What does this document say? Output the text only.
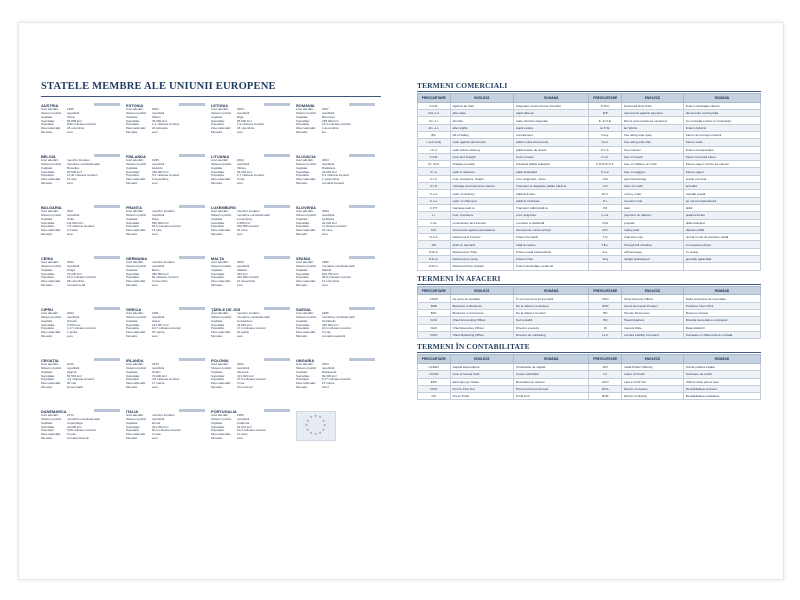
STATELE MEMBRE ALE UNIUNII EUROPENE
AUSTRIA
Anul aderării:	1995
Sistemul politic:	republică
Capitala:	Viena
Suprafața:	83.858 km²
Populația:	8,82 milioane locuitori
Ziua națională:	26 octombrie
Moneda:	euro
ESTONIA
Anul aderării:	2004
Sistemul politic:	republică
Capitala:	Tallinn
Suprafața:	45.000 km²
Populația:	1,3 milioane locuitori
Ziua națională:	24 februarie
Moneda:	euro
LETONIA
Anul aderării:	2004
Sistemul politic:	republică
Capitala:	Riga
Suprafața:	65.000 km²
Populația:	1,9 milioane locuitori
Ziua națională:	18 noiembrie
Moneda:	euro
ROMÂNIA
Anul aderării:	2007
Sistemul politic:	republică
Capitala:	București
Suprafața:	238.392 km²
Populația:	19,3 milioane locuitori
Ziua națională:	1 decembrie
Moneda:	leu
BELGIA
Anul aderării:	membru fondator
Sistemul politic:	monarhie constituțională
Capitala:	Bruxelles
Suprafața:	30.528 km²
Populația:	11,46 milioane locuitori
Ziua națională:	21 iulie
Moneda:	euro
FINLANDA
Anul aderării:	1995
Sistemul politic:	republică
Capitala:	Helsinki
Suprafața:	338.000 km²
Populația:	5,5 milioane locuitori
Ziua națională:	6 decembrie
Moneda:	euro
LITUANIA
Anul aderării:	2004
Sistemul politic:	republică
Capitala:	Vilnius
Suprafața:	65.000 km²
Populația:	2,7 milioane locuitori
Ziua națională:	6 iulie
Moneda:	euro
SLOVACIA
Anul aderării:	2004
Sistemul politic:	republică
Capitala:	Bratislava
Suprafața:	49.035 km²
Populația:	5,4 milioane locuitori
Ziua națională:	1 septembrie
Moneda:	coroană slovacă
BULGARIA
Anul aderării:	2007
Sistemul politic:	republică
Capitala:	Sofia
Suprafața:	111.000 km²
Populația:	7,5 milioane locuitori
Ziua națională:	3 martie
Moneda:	leva
FRANȚA
Anul aderării:	membru fondator
Sistemul politic:	republică
Capitala:	Paris
Suprafața:	550.000 km²
Populația:	66,9 milioane locuitori
Ziua națională:	14 iulie
Moneda:	euro
LUXEMBURG
Anul aderării:	membru fondator
Sistemul politic:	monarhie constituțională
Capitala:	Luxemburg
Suprafața:	2.586 km²
Populația:	602.005 locuitori
Ziua națională:	23 iunie
Moneda:	euro
SLOVENIA
Anul aderării:	2004
Sistemul politic:	republică
Capitala:	Ljubljana
Suprafața:	20.226 km²
Populația:	2 milioane locuitori
Ziua națională:	25 iunie
Moneda:	euro
CEHIA
Anul aderării:	2004
Sistemul politic:	republică
Capitala:	Praga
Suprafața:	79.000 km²
Populația:	10,6 milioane locuitori
Ziua națională:	28 octombrie
Moneda:	coroană cehă
GERMANIA
Anul aderării:	membru fondator
Sistemul politic:	republică
Capitala:	Berlin
Suprafața:	356.854 km²
Populația:	82 milioane locuitori
Ziua națională:	3 octombrie
Moneda:	euro
MALTA
Anul aderării:	2004
Sistemul politic:	republică
Capitala:	Valletta
Suprafața:	316 km²
Populația:	402.000 locuitori
Ziua națională:	13 decembrie
Moneda:	euro
SPANIA
Anul aderării:	1986
Sistemul politic:	monarhie constituțională
Capitala:	Madrid
Suprafața:	504.782 km²
Populația:	46,8 milioane locuitori
Ziua națională:	12 octombrie
Moneda:	euro
CIPRU
Anul aderării:	2004
Sistemul politic:	republică
Capitala:	Nicosia
Suprafața:	9.250 km²
Populația:	1,17 milioane locuitori
Ziua națională:	1 aprilie
Moneda:	euro
GRECIA
Anul aderării:	1981
Sistemul politic:	republică
Capitala:	Atena
Suprafața:	131.957 km²
Populația:	10,7 milioane locuitori
Ziua națională:	25 martie
Moneda:	euro
ȚĂRILE DE JOS
Anul aderării:	membru fondator
Sistemul politic:	monarhie constituțională
Capitala:	Amsterdam
Suprafața:	41.864 km²
Populația:	17,1 milioane locuitori
Ziua națională:	30 aprilie
Moneda:	euro
SUEDIA
Anul aderării:	1995
Sistemul politic:	monarhie constituțională
Capitala:	Stockholm
Suprafața:	450.000 km²
Populația:	10,1 milioane locuitori
Ziua națională:	6 iunie
Moneda:	coroană suedeză
CROAȚIA
Anul aderării:	2013
Sistemul politic:	republică
Capitala:	Zagreb
Suprafața:	56.594 km²
Populația:	4,3 milioane locuitori
Ziua națională:	30 mai
Moneda:	kuna croată
IRLANDA
Anul aderării:	1973
Sistemul politic:	republică
Capitala:	Dublin
Suprafața:	70.000 km²
Populația:	4,8 milioane locuitori
Ziua națională:	17 martie
Moneda:	euro
POLONIA
Anul aderării:	2004
Sistemul politic:	republică
Capitala:	Varșovia
Suprafața:	313.000 km²
Populația:	37,9 milioane locuitori
Ziua națională:	3 mai
Moneda:	zlot polonez
UNGARIA
Anul aderării:	2004
Sistemul politic:	republică
Capitala:	Budapesta
Suprafața:	93.000 km²
Populația:	9,77 milioane locuitori
Ziua națională:	15 martie
Moneda:	forint
DANEMARCA
Anul aderării:	1973
Sistemul politic:	monarhie constituțională
Capitala:	Copenhaga
Suprafața:	43.096 km²
Populația:	5,65 milioane locuitori
Ziua națională:	5 iunie
Moneda:	coroană daneză
ITALIA
Anul aderării:	membru fondator
Sistemul politic:	republică
Capitala:	Roma
Suprafața:	301.263 km²
Populația:	60,4 milioane locuitori
Ziua națională:	2 iunie
Moneda:	euro
PORTUGALIA
Anul aderării:	1986
Sistemul politic:	republică
Capitala:	Lisabona
Suprafața:	92.072 km²
Populația:	10,3 milioane locuitori
Ziua națională:	10 iunie
Moneda:	euro
★
★
★
★
★
★
★
★
★ ★ ★
★
TERMENI COMERCIALI
PRESCURTARE	ENGLEZĂ	ROMÂNĂ	PRESCURTARE	ENGLEZĂ	ROMÂNĂ
A.A.R.	Against all risks	Asigurare contra tuturor riscurilor	D.P.D.	Delivered Duty Paid	Franco destinație vămuit
A/d, a.d.	after date	după data de	D/P	documents against payment	documente contra plată
A/r, a.r.	all risks	toate riscurile asigurate	E. & O.E.	Errors and omissions excepted	Cu excepția erorilor și omisiunilor
A/s, a.s.	after sights	după vedere	E.X.W.	Ex Works	Franco fabrică
B/L	bill of lading	conosament	F.a.q.	free along side quay	franco de-a lungul cheului
c.a.d.(cod)	cash against documents	plată contra documente	F.a.s.	free along side ship	franco navă
c.b.d.	cash before delivery	plată înainte de livrare	F.C.A.	Free Carrier	Franco transportator
C.F.R.	Cost and Freight	Cost și navlu	F.o.b.	free on board	franco la bordul navei
ch. Ppd.	charges prepaid	cheltuieli plătite anticipat	F.O.R./F.O.T.	free on rail/free on truck	franco vagon, franco pe camion
C.i.a.	cash in advance	plată anticipată	F.o.w.	free on waggon	franco vagon
C.I.F.	cost, insurance, freight	cost, asigurare, navlu	G/A	general average	avarie comună
C.I.P.	Carriage and Insurance paid to	Transport și asigurare plătite până la	L/C	letter of credit	acreditiv
C.o.d.	cash on delivery	plată la livrare	M.O.	money order	mandat poștal
C.o.s.	cash on shipment	plată la încărcare	O.r.	at owner' risk	pe riscul proprietarului
C.P.T.	Carriage paid to	Transport plătit până la	Pd	paid	plătit
c.i.	cost, insurance	cost, asigurare	p.o.d.	payment on delivery	plată la livrare
C.&i.	commission and interest	comision și dobândă	Ppd	prepaid	plătit anticipat
D/A	documents against acceptance	documente contra accept	R.P.	replay paid	răspuns plătit
D.A.F.	Delivered at Frontier	Franco frontieră	T.l.n	total loss only	numai în caz de pierdere totală
d/d	draft on demand	trată la vedere	T.B.L.	through bill of lading	conosament direct
D.E.S.	Delivered ex Ship	Franco navă nedescărcat	w.e.	with average	cu avarie
D.E.Q.	Delivered ex Quay	Franco Chei	W.g	weight guaranteed	greutate garantată
D.D.U.	Delivered Duty Unpaid	Franco destinație nevămuit			
TERMENI ÎN AFACERI
PRESCURTARE	ENGLEZĂ	ROMÂNĂ	PRESCURTARE	ENGLEZĂ	ROMÂNĂ
ASAP	As soon as possible	În cel mai scurt timp posibil	CSO	Chief Security Officer	Șeful serviciului de securitate
B2B	Business to Business	De la afacere la afacere	GDP	Gross Domestic Product	Produsul Intern Brut
B2C	Business to Consumer	De la afacere la client	HR	Human Resources	Resurse Umane
CAO	Chief Accounting Officer	Șef contabil	HQ	Head Quarters	Direcția Generală a companiei
CEO	Chief Executive Officer	Director executiv	IR	Interest Rate	Rata dobânzii
CMO	Chief Marketing Officer	Director de marketing	LLC	Limited Liability Company	Societate cu Răspundere Limitată
TERMENI ÎN CONTABILITATE
PRESCURTARE	ENGLEZĂ	ROMÂNĂ	PRESCURTARE	ENGLEZĂ	ROMÂNĂ
CAPEX	Capital Expenditure	Cheltuielile de capital	IPO	Initial Public Offering	Oferta publica inițiala
COGS	Cost of Goods Sold	Costul vânzărilor	LC	Letter of Credit	Scrisoare de credit
EPS	Earnings per Share	Rezultatul pe acțiune	LIFO	Last In First Out	Ultimul intrat primul ieșit
FIFO	First In First Out	Primul intrat primul ieșit	ROA	Return on Assets	Rentabilitatea activelor
GP	Gross Profit	Profit brut	ROE	Return on Equity	Rentabilitatea capitalului
